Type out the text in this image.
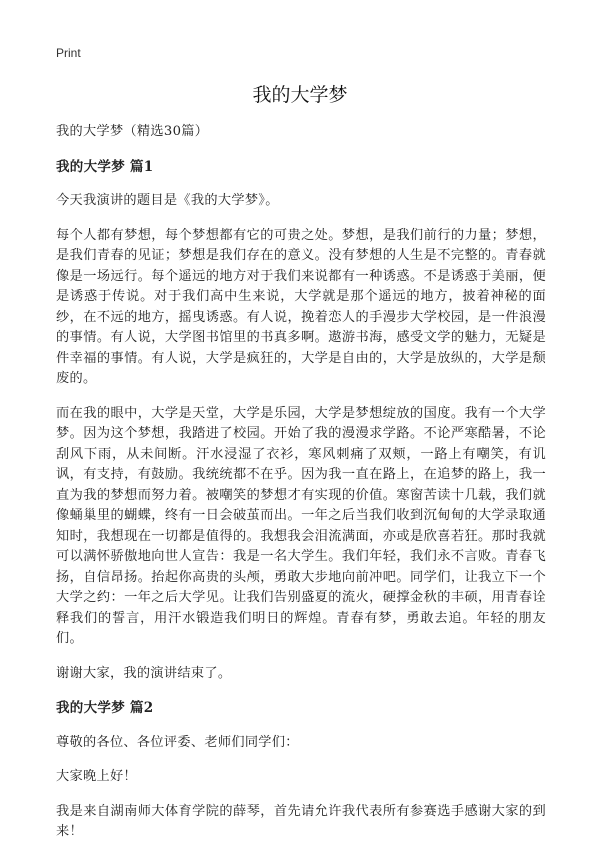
Print
我的大学梦
我的大学梦（精选30篇）
我的大学梦 篇1

今天我演讲的题目是《我的大学梦》。

每个人都有梦想，每个梦想都有它的可贵之处。梦想，是我们前行的力量；梦想，是我们青春的见证；梦想是我们存在的意义。没有梦想的人生是不完整的。青春就像是一场远行。每个遥远的地方对于我们来说都有一种诱惑。不是诱惑于美丽，便是诱惑于传说。对于我们高中生来说，大学就是那个遥远的地方，披着神秘的面纱，在不远的地方，摇曳诱惑。有人说，挽着恋人的手漫步大学校园，是一件浪漫的事情。有人说，大学图书馆里的书真多啊。遨游书海，感受文学的魅力，无疑是件幸福的事情。有人说，大学是疯狂的，大学是自由的，大学是放纵的，大学是颓废的。

而在我的眼中，大学是天堂，大学是乐园，大学是梦想绽放的国度。我有一个大学梦。因为这个梦想，我踏进了校园。开始了我的漫漫求学路。不论严寒酷暑，不论刮风下雨，从未间断。汗水浸湿了衣衫，寒风刺痛了双颊，一路上有嘲笑，有讥讽，有支持，有鼓励。我统统都不在乎。因为我一直在路上，在追梦的路上，我一直为我的梦想而努力着。被嘲笑的梦想才有实现的价值。寒窗苦读十几载，我们就像蛹巢里的蝴蝶，终有一日会破茧而出。一年之后当我们收到沉甸甸的大学录取通知时，我想现在一切都是值得的。我想我会泪流满面，亦或是欣喜若狂。那时我就可以满怀骄傲地向世人宣告：我是一名大学生。我们年轻，我们永不言败。青春飞扬，自信昂扬。抬起你高贵的头颅，勇敢大步地向前冲吧。同学们，让我立下一个大学之约：一年之后大学见。让我们告别盛夏的流火，硬撑金秋的丰硕，用青春诠释我们的誓言，用汗水锻造我们明日的辉煌。青春有梦，勇敢去追。年轻的朋友们。

谢谢大家，我的演讲结束了。

我的大学梦 篇2

尊敬的各位、各位评委、老师们同学们：

大家晚上好！

我是来自湖南师大体育学院的薛琴，首先请允许我代表所有参赛选手感谢大家的到来！
